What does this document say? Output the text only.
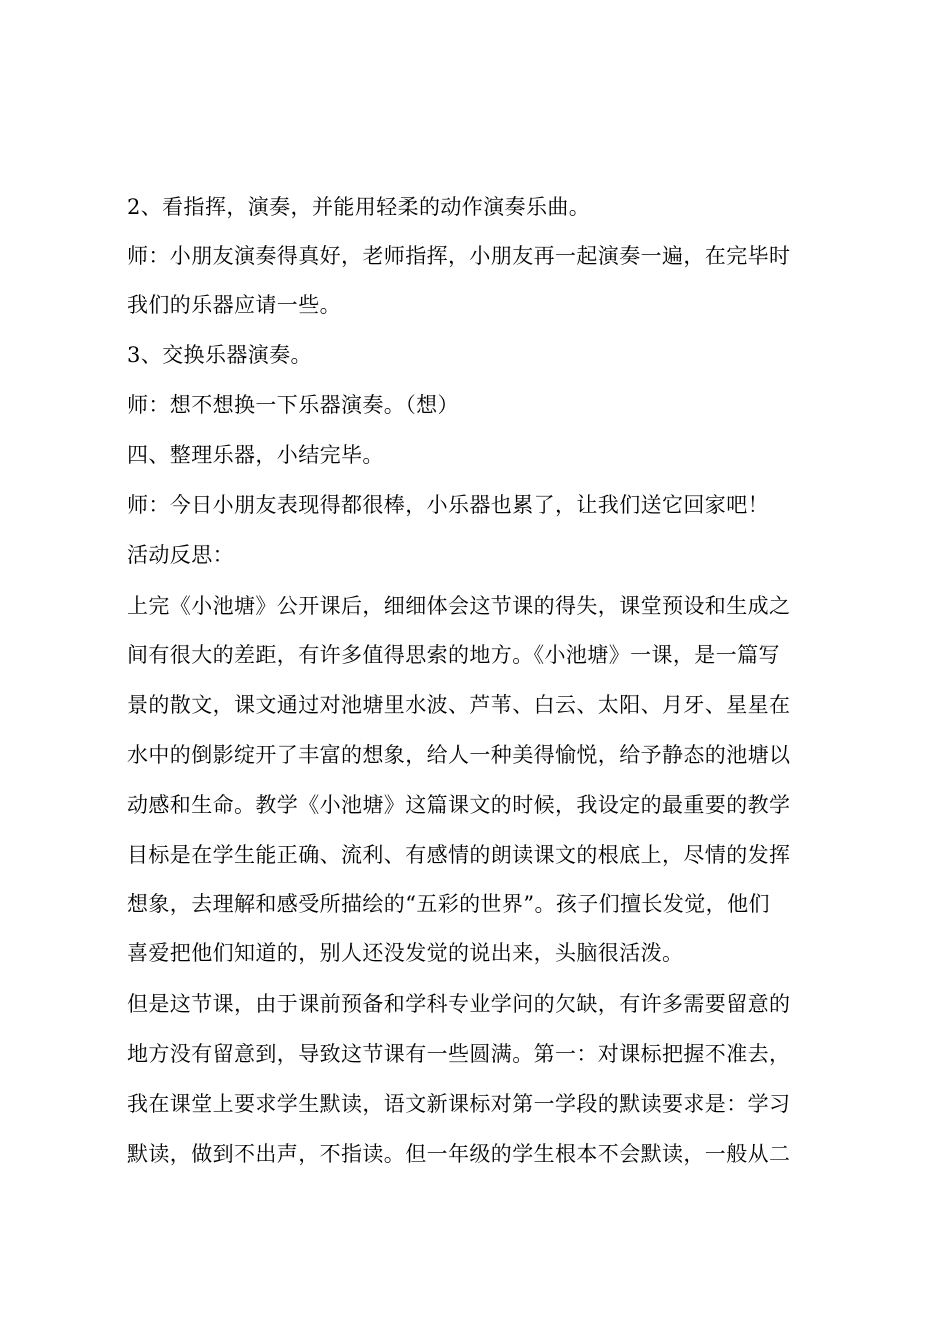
2、看指挥，演奏，并能用轻柔的动作演奏乐曲。
师：小朋友演奏得真好，老师指挥，小朋友再一起演奏一遍，在完毕时
我们的乐器应请一些。
3、交换乐器演奏。
师：想不想换一下乐器演奏。（想）
四、整理乐器，小结完毕。
师：今日小朋友表现得都很棒，小乐器也累了，让我们送它回家吧！
活动反思：
上完《小池塘》公开课后，细细体会这节课的得失，课堂预设和生成之
间有很大的差距，有许多值得思索的地方。《小池塘》一课，是一篇写
景的散文，课文通过对池塘里水波、芦苇、白云、太阳、月牙、星星在
水中的倒影绽开了丰富的想象，给人一种美得愉悦，给予静态的池塘以
动感和生命。教学《小池塘》这篇课文的时候，我设定的最重要的教学
目标是在学生能正确、流利、有感情的朗读课文的根底上，尽情的发挥
想象，去理解和感受所描绘的“五彩的世界”。孩子们擅长发觉，他们
喜爱把他们知道的，别人还没发觉的说出来，头脑很活泼。
但是这节课，由于课前预备和学科专业学问的欠缺，有许多需要留意的
地方没有留意到，导致这节课有一些圆满。第一：对课标把握不准去，
我在课堂上要求学生默读，语文新课标对第一学段的默读要求是：学习
默读，做到不出声，不指读。但一年级的学生根本不会默读，一般从二
